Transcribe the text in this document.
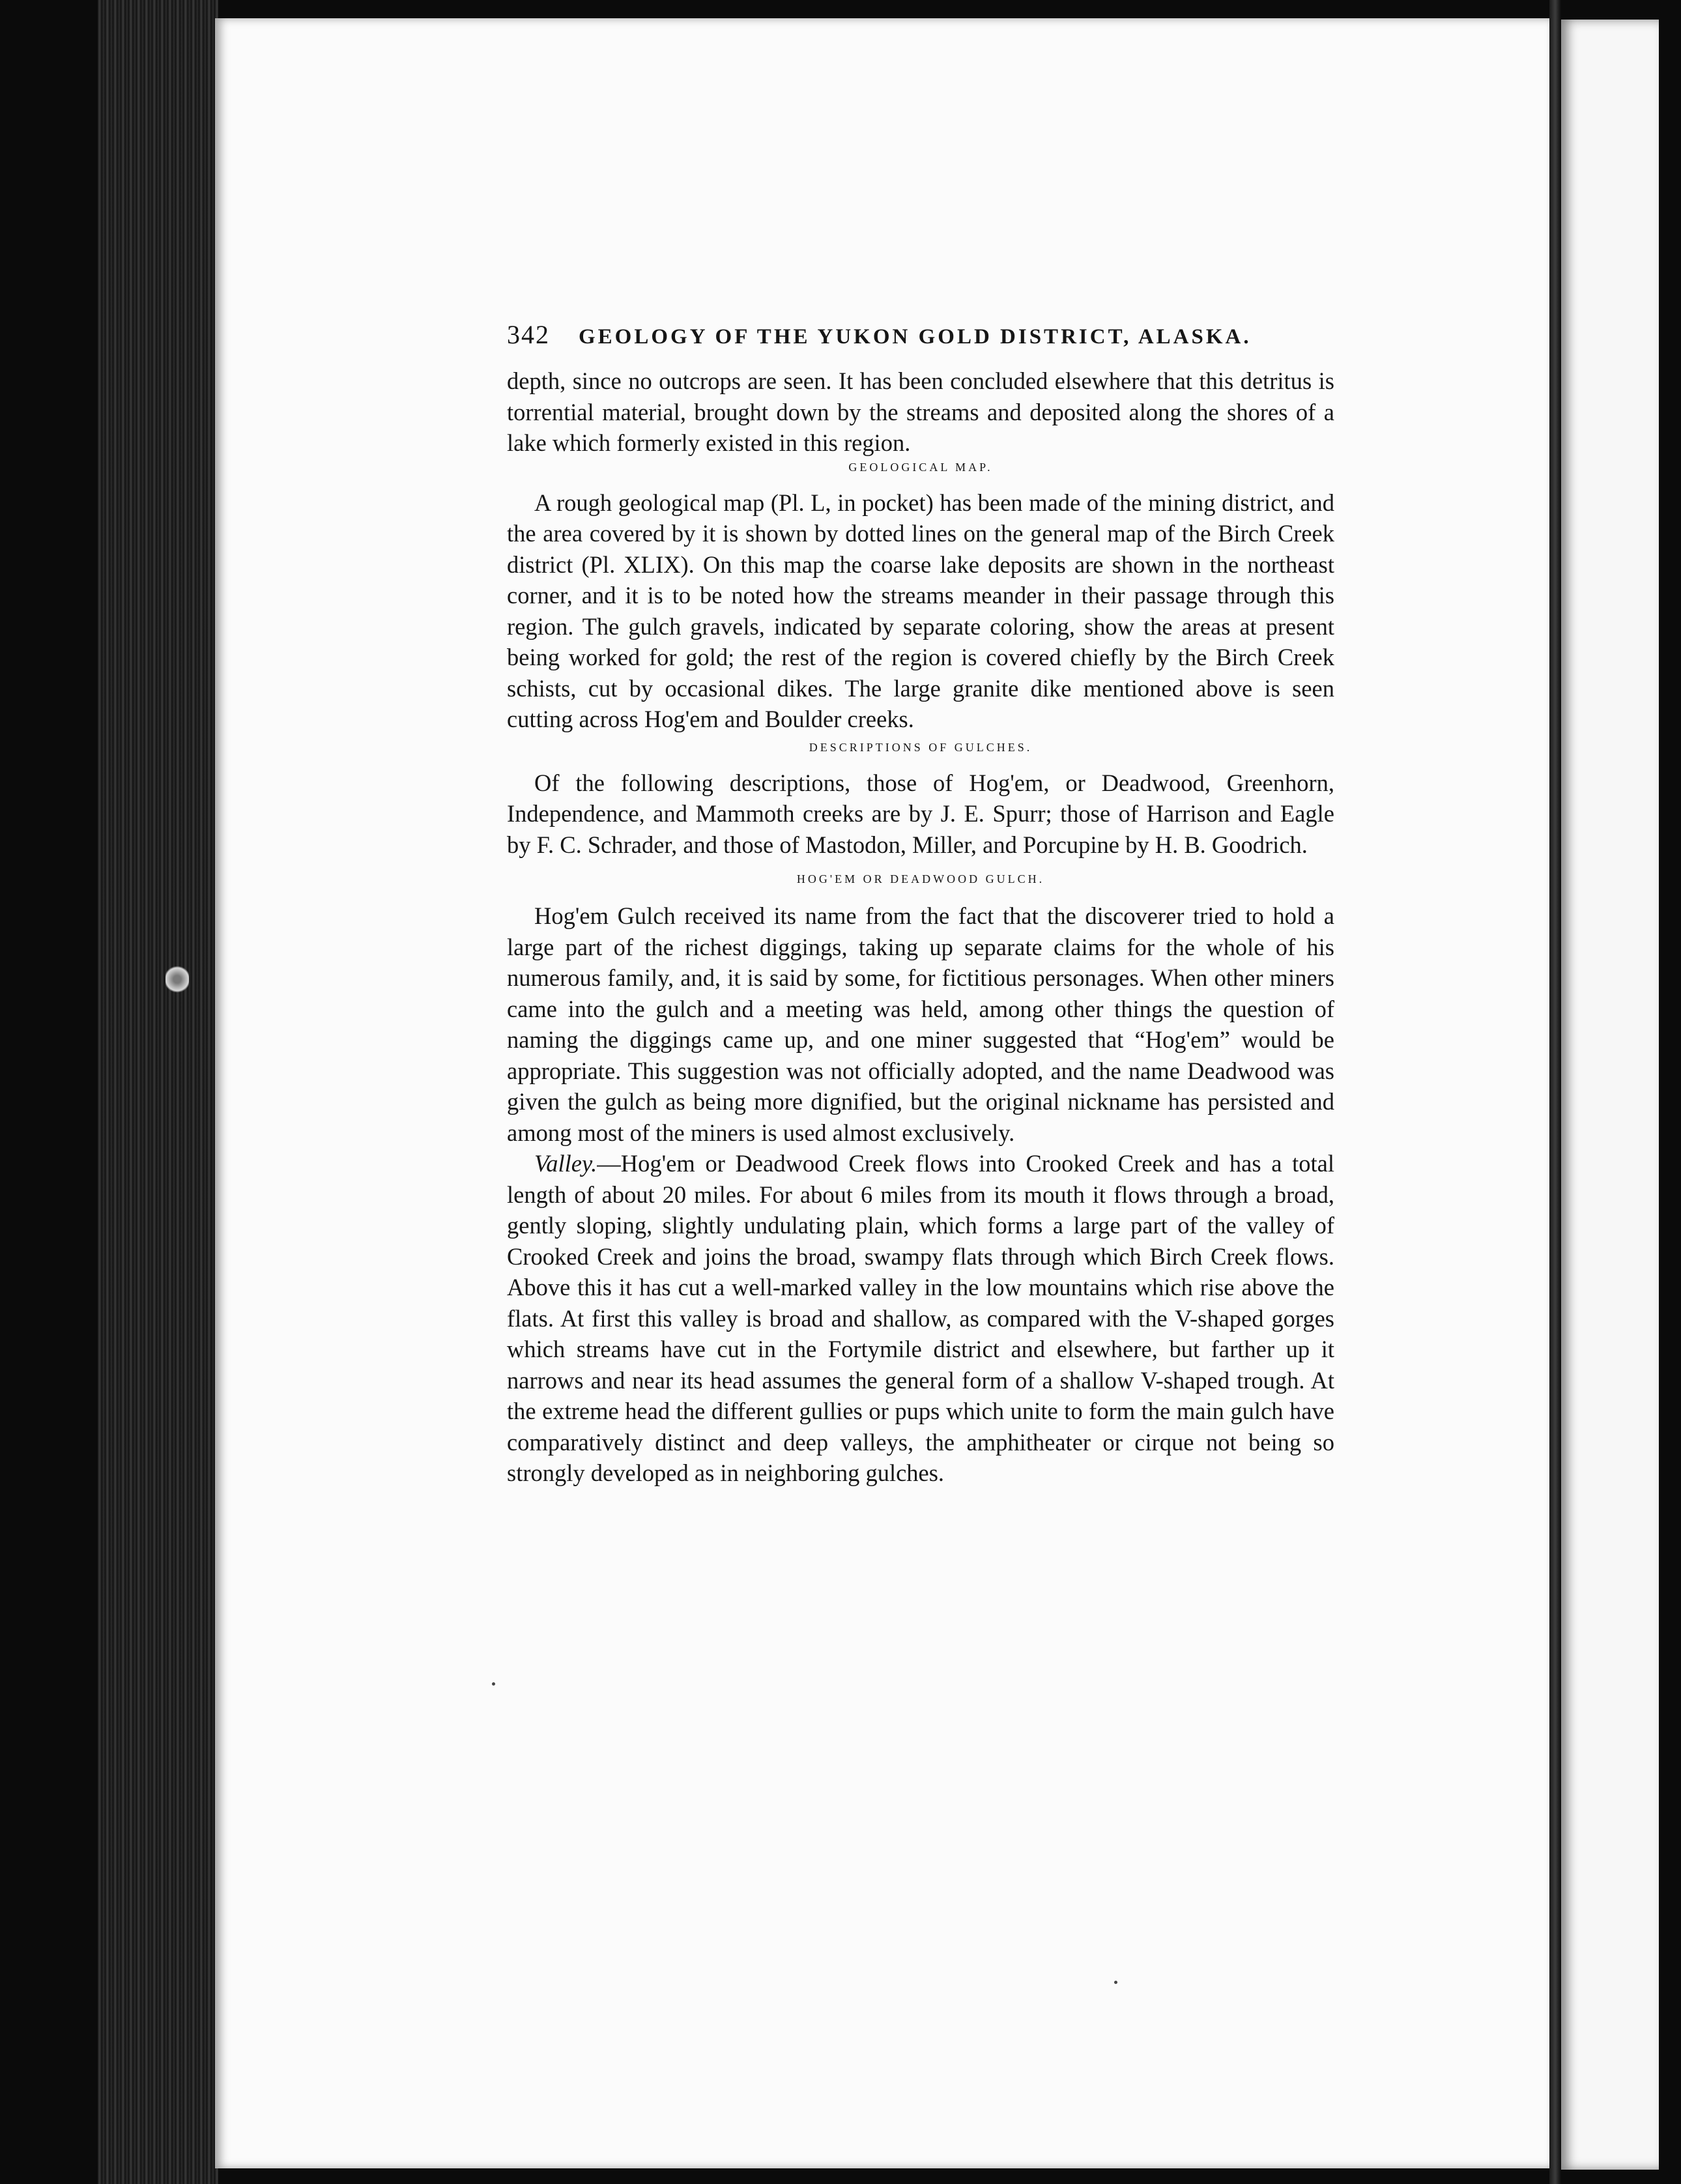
342 GEOLOGY OF THE YUKON GOLD DISTRICT, ALASKA.

depth, since no outcrops are seen. It has been concluded elsewhere that this detritus is torrential material, brought down by the streams and deposited along the shores of a lake which formerly existed in this region.

GEOLOGICAL MAP.

A rough geological map (Pl. L, in pocket) has been made of the mining district, and the area covered by it is shown by dotted lines on the general map of the Birch Creek district (Pl. XLIX). On this map the coarse lake deposits are shown in the northeast corner, and it is to be noted how the streams meander in their passage through this region. The gulch gravels, indicated by separate coloring, show the areas at present being worked for gold; the rest of the region is covered chiefly by the Birch Creek schists, cut by occasional dikes. The large granite dike mentioned above is seen cutting across Hog'em and Boulder creeks.

DESCRIPTIONS OF GULCHES.

Of the following descriptions, those of Hog'em, or Deadwood, Greenhorn, Independence, and Mammoth creeks are by J. E. Spurr; those of Harrison and Eagle by F. C. Schrader, and those of Mastodon, Miller, and Porcupine by H. B. Goodrich.

HOG'EM OR DEADWOOD GULCH.

Hog'em Gulch received its name from the fact that the discoverer tried to hold a large part of the richest diggings, taking up separate claims for the whole of his numerous family, and, it is said by some, for fictitious personages. When other miners came into the gulch and a meeting was held, among other things the question of naming the diggings came up, and one miner suggested that “Hog'em” would be appropriate. This suggestion was not officially adopted, and the name Deadwood was given the gulch as being more dignified, but the original nickname has persisted and among most of the miners is used almost exclusively.

Valley.—Hog'em or Deadwood Creek flows into Crooked Creek and has a total length of about 20 miles. For about 6 miles from its mouth it flows through a broad, gently sloping, slightly undulating plain, which forms a large part of the valley of Crooked Creek and joins the broad, swampy flats through which Birch Creek flows. Above this it has cut a well-marked valley in the low mountains which rise above the flats. At first this valley is broad and shallow, as compared with the V-shaped gorges which streams have cut in the Fortymile district and elsewhere, but farther up it narrows and near its head assumes the general form of a shallow V-shaped trough. At the extreme head the different gullies or pups which unite to form the main gulch have comparatively distinct and deep valleys, the amphitheater or cirque not being so strongly developed as in neighboring gulches.
